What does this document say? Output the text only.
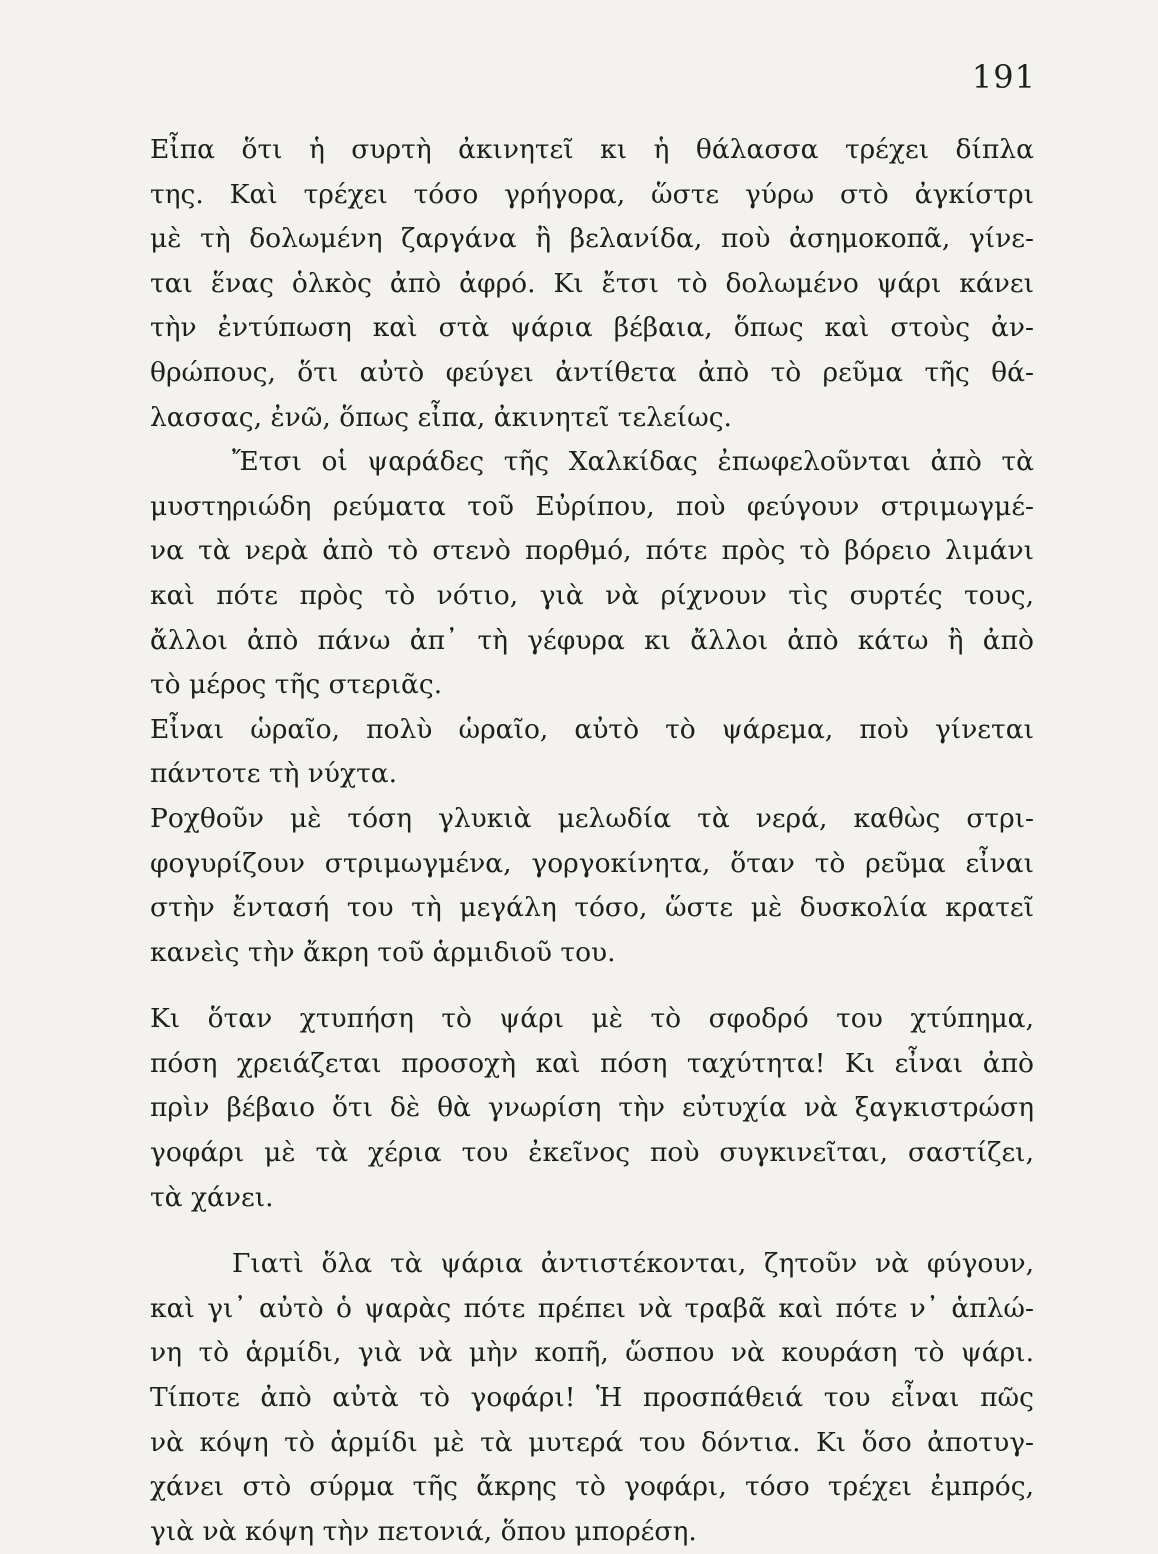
191
Εἶπα ὅτι ἡ συρτὴ ἀκινητεῖ κι ἡ θάλασσα τρέχει δίπλα
της. Καὶ τρέχει τόσο γρήγορα, ὥστε γύρω στὸ ἀγκίστρι
μὲ τὴ δολωμένη ζαργάνα ἢ βελανίδα, ποὺ ἀσημοκοπᾶ, γίνε-
ται ἕνας ὁλκὸς ἀπὸ ἀφρό. Κι ἔτσι τὸ δολωμένο ψάρι κάνει
τὴν ἐντύπωση καὶ στὰ ψάρια βέβαια, ὅπως καὶ στοὺς ἀν-
θρώπους, ὅτι αὐτὸ φεύγει ἀντίθετα ἀπὸ τὸ ρεῦμα τῆς θά-
λασσας, ἐνῶ, ὅπως εἶπα, ἀκινητεῖ τελείως.
Ἔτσι οἱ ψαράδες τῆς Χαλκίδας ἐπωφελοῦνται ἀπὸ τὰ
μυστηριώδη ρεύματα τοῦ Εὐρίπου, ποὺ φεύγουν στριμωγμέ-
να τὰ νερὰ ἀπὸ τὸ στενὸ πορθμό, πότε πρὸς τὸ βόρειο λιμάνι
καὶ πότε πρὸς τὸ νότιο, γιὰ νὰ ρίχνουν τὶς συρτές τους,
ἄλλοι ἀπὸ πάνω ἀπ᾿ τὴ γέφυρα κι ἄλλοι ἀπὸ κάτω ἢ ἀπὸ
τὸ μέρος τῆς στεριᾶς.
Εἶναι ὡραῖο, πολὺ ὡραῖο, αὐτὸ τὸ ψάρεμα, ποὺ γίνεται
πάντοτε τὴ νύχτα.
Ροχθοῦν μὲ τόση γλυκιὰ μελωδία τὰ νερά, καθὼς στρι-
φογυρίζουν στριμωγμένα, γοργοκίνητα, ὅταν τὸ ρεῦμα εἶναι
στὴν ἔντασή του τὴ μεγάλη τόσο, ὥστε μὲ δυσκολία κρατεῖ
κανεὶς τὴν ἄκρη τοῦ ἁρμιδιοῦ του.
Κι ὅταν χτυπήση τὸ ψάρι μὲ τὸ σφοδρό του χτύπημα,
πόση χρειάζεται προσοχὴ καὶ πόση ταχύτητα! Κι εἶναι ἀπὸ
πρὶν βέβαιο ὅτι δὲ θὰ γνωρίση τὴν εὐτυχία νὰ ξαγκιστρώση
γοφάρι μὲ τὰ χέρια του ἐκεῖνος ποὺ συγκινεῖται, σαστίζει,
τὰ χάνει.
Γιατὶ ὅλα τὰ ψάρια ἀντιστέκονται, ζητοῦν νὰ φύγουν,
καὶ γι᾿ αὐτὸ ὁ ψαρὰς πότε πρέπει νὰ τραβᾶ καὶ πότε ν᾿ ἁπλώ-
νη τὸ ἁρμίδι, γιὰ νὰ μὴν κοπῆ, ὥσπου νὰ κουράση τὸ ψάρι.
Τίποτε ἀπὸ αὐτὰ τὸ γοφάρι! Ἡ προσπάθειά του εἶναι πῶς
νὰ κόψη τὸ ἁρμίδι μὲ τὰ μυτερά του δόντια. Κι ὅσο ἀποτυγ-
χάνει στὸ σύρμα τῆς ἄκρης τὸ γοφάρι, τόσο τρέχει ἐμπρός,
γιὰ νὰ κόψη τὴν πετονιά, ὅπου μπορέση.
